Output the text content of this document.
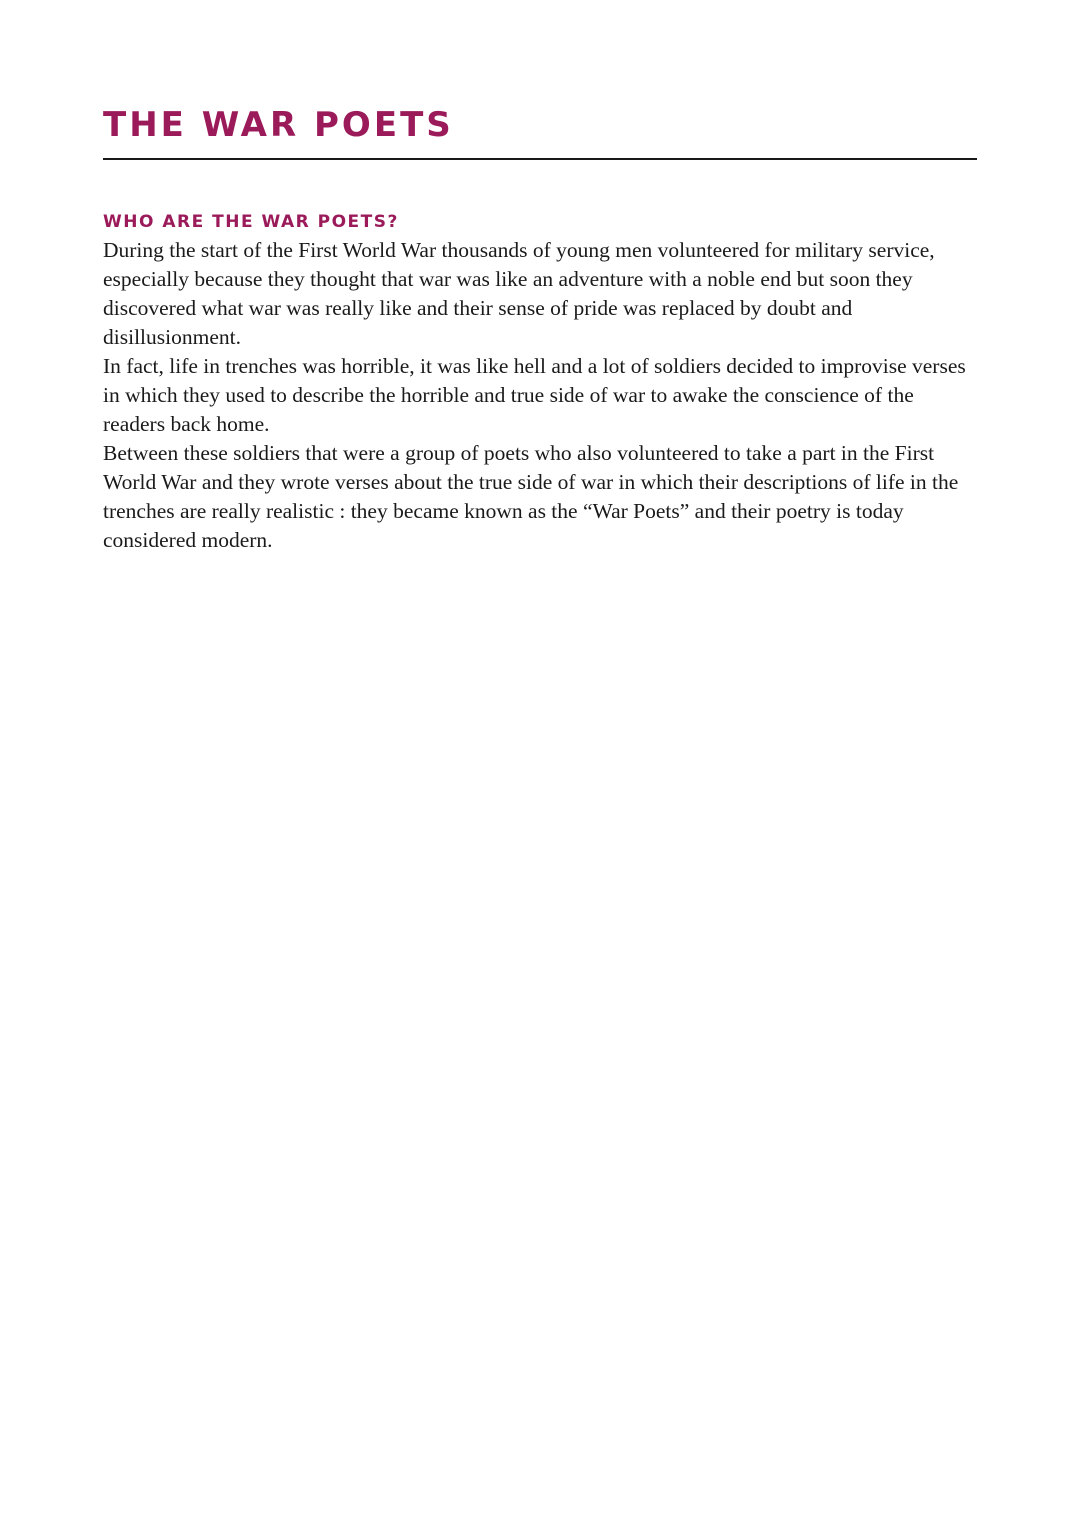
THE WAR POETS
WHO ARE THE WAR POETS?

During the start of the First World War thousands of young men volunteered for military service, especially because they thought that war was like an adventure with a noble end but soon they discovered what war was really like and their sense of pride was replaced by doubt and disillusionment.

In fact, life in trenches was horrible, it was like hell and a lot of soldiers decided to improvise verses in which they used to describe the horrible and true side of war to awake the conscience of the readers back home.

Between these soldiers that were a group of poets who also volunteered to take a part in the First World War and they wrote verses about the true side of war in which their descriptions of life in the trenches are really realistic : they became known as the “War Poets” and their poetry is today considered modern.
